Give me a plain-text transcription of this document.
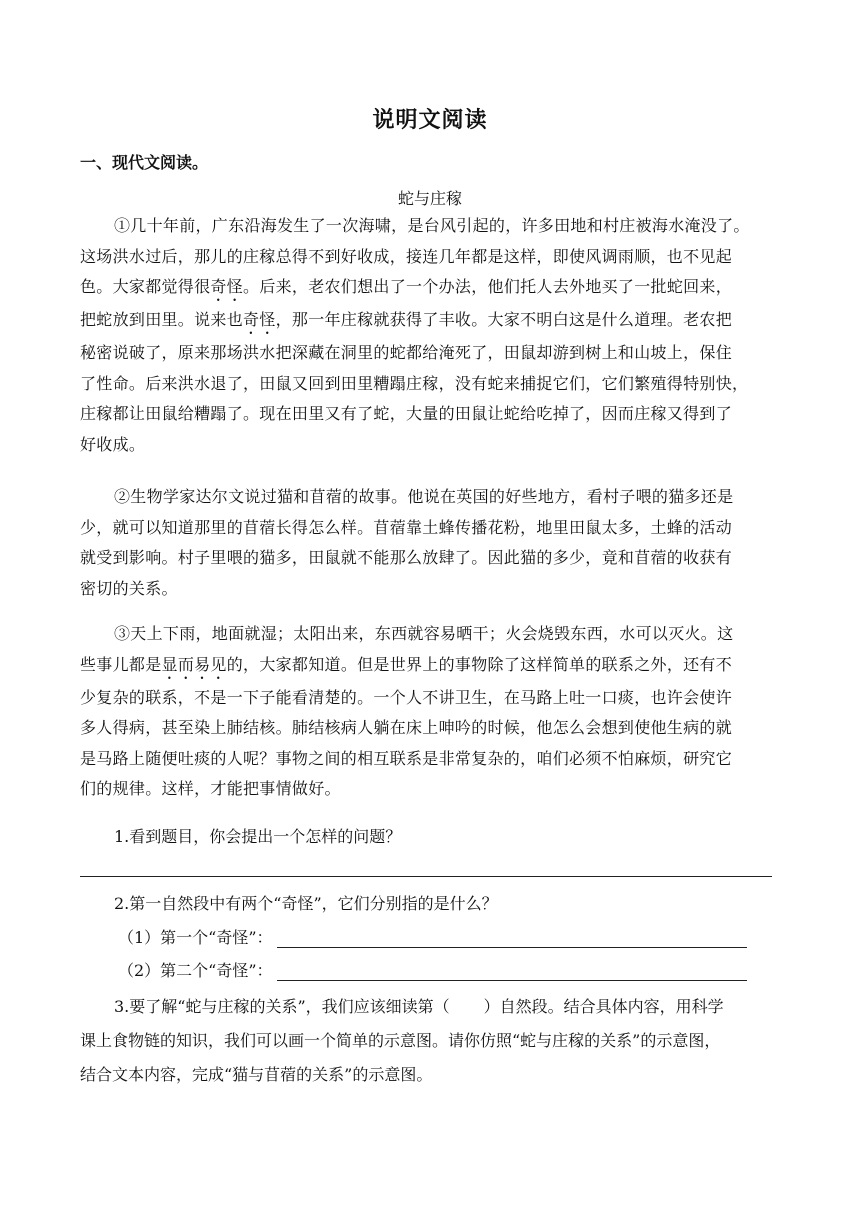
说明文阅读
一、现代文阅读。
蛇与庄稼
①几十年前，广东沿海发生了一次海啸，是台风引起的，许多田地和村庄被海水淹没了。
这场洪水过后，那儿的庄稼总得不到好收成，接连几年都是这样，即使风调雨顺，也不见起
色。大家都觉得很奇怪。后来，老农们想出了一个办法，他们托人去外地买了一批蛇回来，
把蛇放到田里。说来也奇怪，那一年庄稼就获得了丰收。大家不明白这是什么道理。老农把
秘密说破了，原来那场洪水把深藏在洞里的蛇都给淹死了，田鼠却游到树上和山坡上，保住
了性命。后来洪水退了，田鼠又回到田里糟蹋庄稼，没有蛇来捕捉它们，它们繁殖得特别快，
庄稼都让田鼠给糟蹋了。现在田里又有了蛇，大量的田鼠让蛇给吃掉了，因而庄稼又得到了
好收成。
②生物学家达尔文说过猫和苜蓿的故事。他说在英国的好些地方，看村子喂的猫多还是
少，就可以知道那里的苜蓿长得怎么样。苜蓿靠土蜂传播花粉，地里田鼠太多，土蜂的活动
就受到影响。村子里喂的猫多，田鼠就不能那么放肆了。因此猫的多少，竟和苜蓿的收获有
密切的关系。
③天上下雨，地面就湿；太阳出来，东西就容易晒干；火会烧毁东西，水可以灭火。这
些事儿都是显而易见的，大家都知道。但是世界上的事物除了这样简单的联系之外，还有不
少复杂的联系，不是一下子能看清楚的。一个人不讲卫生，在马路上吐一口痰，也许会使许
多人得病，甚至染上肺结核。肺结核病人躺在床上呻吟的时候，他怎么会想到使他生病的就
是马路上随便吐痰的人呢？事物之间的相互联系是非常复杂的，咱们必须不怕麻烦，研究它
们的规律。这样，才能把事情做好。
1.看到题目，你会提出一个怎样的问题？
2.第一自然段中有两个“奇怪”，它们分别指的是什么？
（1）第一个“奇怪”：
（2）第二个“奇怪”：
3.要了解“蛇与庄稼的关系”，我们应该细读第（ ）自然段。结合具体内容，用科学
课上食物链的知识，我们可以画一个简单的示意图。请你仿照“蛇与庄稼的关系”的示意图，
结合文本内容，完成“猫与苜蓿的关系”的示意图。
